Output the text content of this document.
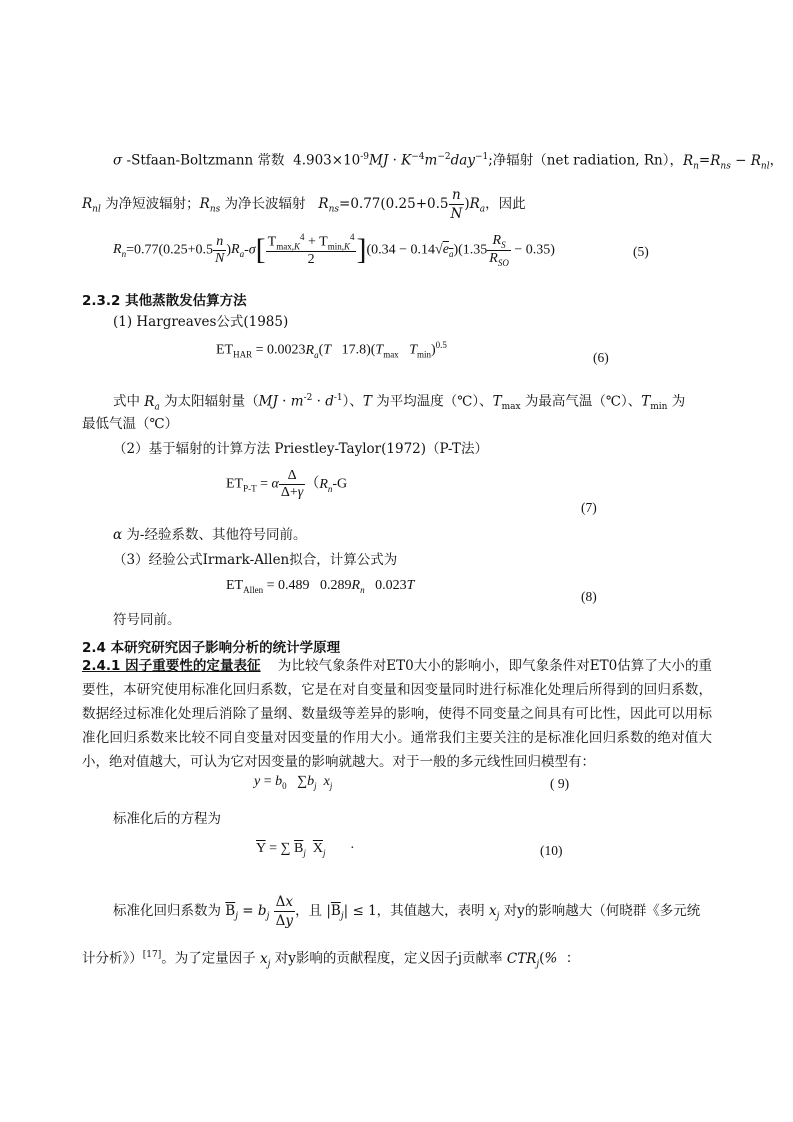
σ -Stfaan-Boltzmann 常数  $4.903\times 10^{-9}MJ \cdot K^{-4}m^{-2}day^{-1}$;净辐射（net radiation, Rn），$R_n=R_{ns} - R_{nl}$，
$R_{nl}$ 为净短波辐射；$R_{ns}$ 为净长波辐射   $R_{ns}=0.77(0.25+0.5 \frac{n}{N} )R_a$，因此
$R_n=0.77(0.25+0.5 \frac{n}{N} )R_a-\sigma[ \frac{T_{max,K}^4 + T_{min,K}^4}{2} ](0.34 - 0.14√e_a)(1.35 \frac{R_S}{R_{SO}} - 0.35)$	(5)
2.3.2 其他蒸散发估算方法
(1) Hargreaves公式(1985)
$ET_{HAR} = 0.0023R_a(T$   $17.8)(T_{max}$ $T_{min})^{0.5}$
(6)
式中 $R_a$ 为太阳辐射量$(MJ \cdot m^{-2} \cdot d^{-1})$、T 为平均温度（℃）、$T_{max}$ 为最高气温（℃）、$T_{min}$ 为
最低气温（℃）
（2）基于辐射的计算方法 Priestley-Taylor(1972)（P-T法）
$ET_{P-T} = \alpha \frac{\Delta}{\Delta+\gamma} (R_n-G$
(7)
α 为-经验系数、其他符号同前。
（3）经验公式Irmark-Allen拟合，计算公式为
$ET_{Allen} = 0.489$   $0.289R_n$   0.023T
(8)
符号同前。
2.4 本研究研究因子影响分析的统计学原理
2.4.1 因子重要性的定量表征 为比较气象条件对ET0大小的影响小，即气象条件对ET0估算了大小的重要性，本研究使用标准化回归系数，它是在对自变量和因变量同时进行标准化处理后所得到的回归系数，数据经过标准化处理后消除了量纲、数量级等差异的影响，使得不同变量之间具有可比性，因此可以用标准化回归系数来比较不同自变量对因变量的作用大小。通常我们主要关注的是标准化回归系数的绝对值大小，绝对值越大，可认为它对因变量的影响就越大。对于一般的多元线性回归模型有：
$y = b_0$   $\sum b_j$ $x_j$	( 9)
标准化后的方程为
$\overline{Y}$ = ∑ $\overline{B}_j$ $\overline{X}_j$       ·	(10)
标准化回归系数为 $\overline{B}_j = b_j \frac{\Delta x}{\Delta y}$ ，且 $|\overline{B}_j| \le 1$，其值越大，表明 $x_j$ 对y的影响越大（何晓群《多元统
计分析》）[17]。为了定量因子 $x_j$ 对y影响的贡献程度，定义因子j贡献率 $CTR_j(\%$  ：
